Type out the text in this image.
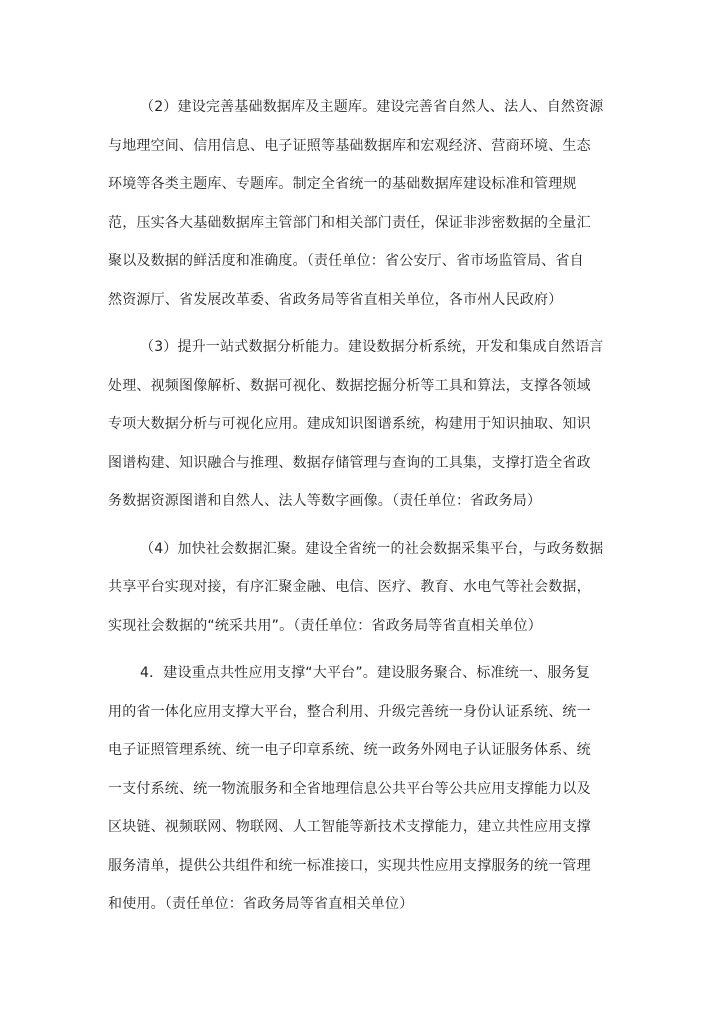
（2）建设完善基础数据库及主题库。建设完善省自然人、法人、自然资源
与地理空间、信用信息、电子证照等基础数据库和宏观经济、营商环境、生态
环境等各类主题库、专题库。制定全省统一的基础数据库建设标准和管理规
范，压实各大基础数据库主管部门和相关部门责任，保证非涉密数据的全量汇
聚以及数据的鲜活度和准确度。（责任单位：省公安厅、省市场监管局、省自
然资源厅、省发展改革委、省政务局等省直相关单位，各市州人民政府）

（3）提升一站式数据分析能力。建设数据分析系统，开发和集成自然语言
处理、视频图像解析、数据可视化、数据挖掘分析等工具和算法，支撑各领域
专项大数据分析与可视化应用。建成知识图谱系统，构建用于知识抽取、知识
图谱构建、知识融合与推理、数据存储管理与查询的工具集，支撑打造全省政
务数据资源图谱和自然人、法人等数字画像。（责任单位：省政务局）

（4）加快社会数据汇聚。建设全省统一的社会数据采集平台，与政务数据
共享平台实现对接，有序汇聚金融、电信、医疗、教育、水电气等社会数据，
实现社会数据的“统采共用”。（责任单位：省政务局等省直相关单位）

4．建设重点共性应用支撑“大平台”。建设服务聚合、标准统一、服务复
用的省一体化应用支撑大平台，整合利用、升级完善统一身份认证系统、统一
电子证照管理系统、统一电子印章系统、统一政务外网电子认证服务体系、统
一支付系统、统一物流服务和全省地理信息公共平台等公共应用支撑能力以及
区块链、视频联网、物联网、人工智能等新技术支撑能力，建立共性应用支撑
服务清单，提供公共组件和统一标准接口，实现共性应用支撑服务的统一管理
和使用。（责任单位：省政务局等省直相关单位）
